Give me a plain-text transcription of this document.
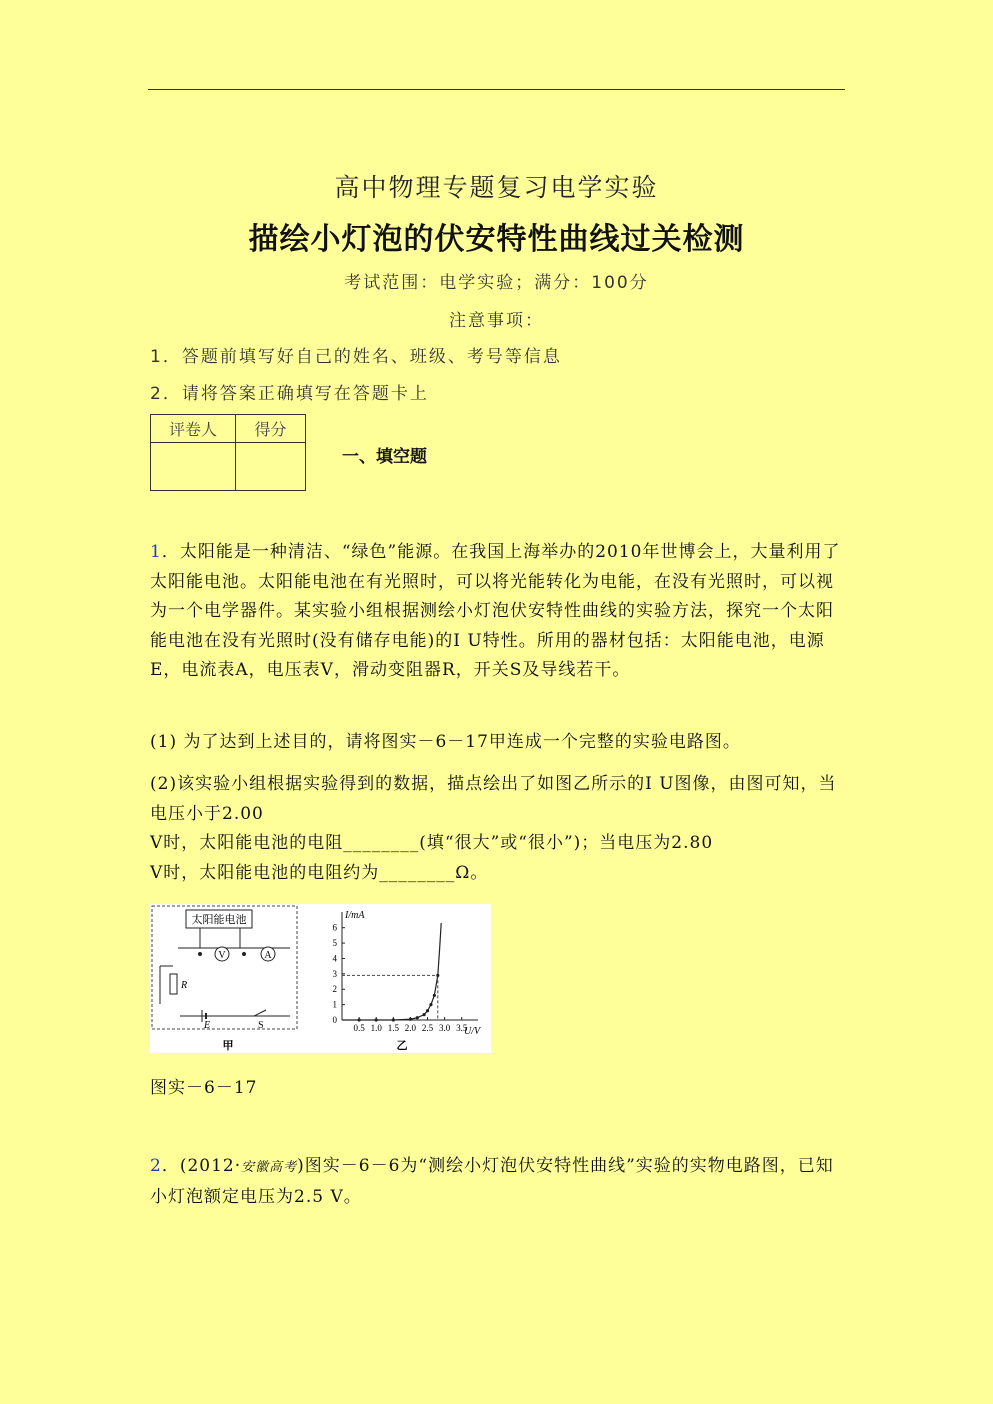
高中物理专题复习电学实验
描绘小灯泡的伏安特性曲线过关检测
考试范围：电学实验；满分：100分
注意事项：
1．答题前填写好自己的姓名、班级、考号等信息
2．请将答案正确填写在答题卡上
评卷人	得分

一、填空题
1．太阳能是一种清洁、“绿色”能源。在我国上海举办的2010年世博会上，大量利用了太阳能电池。太阳能电池在有光照时，可以将光能转化为电能，在没有光照时，可以视为一个电学器件。某实验小组根据测绘小灯泡伏安特性曲线的实验方法，探究一个太阳能电池在没有光照时(没有储存电能)的I U特性。所用的器材包括：太阳能电池，电源E，电流表A，电压表V，滑动变阻器R，开关S及导线若干。
(1) 为了达到上述目的，请将图实－6－17甲连成一个完整的实验电路图。
(2)该实验小组根据实验得到的数据，描点绘出了如图乙所示的I U图像，由图可知，当电压小于2.00
V时，太阳能电池的电阻________(填“很大”或“很小”)；当电压为2.80
V时，太阳能电池的电阻约为________Ω。
太阳能电池
V	A
R
E	S
甲
I/mA
U/V
0.5 1.0 1.5 2.0 2.5 3.0 3.5
0
1
2
3
4
5
6
乙
图实－6－17
2．(2012·安徽高考)图实－6－6为“测绘小灯泡伏安特性曲线”实验的实物电路图，已知小灯泡额定电压为2.5 V。
